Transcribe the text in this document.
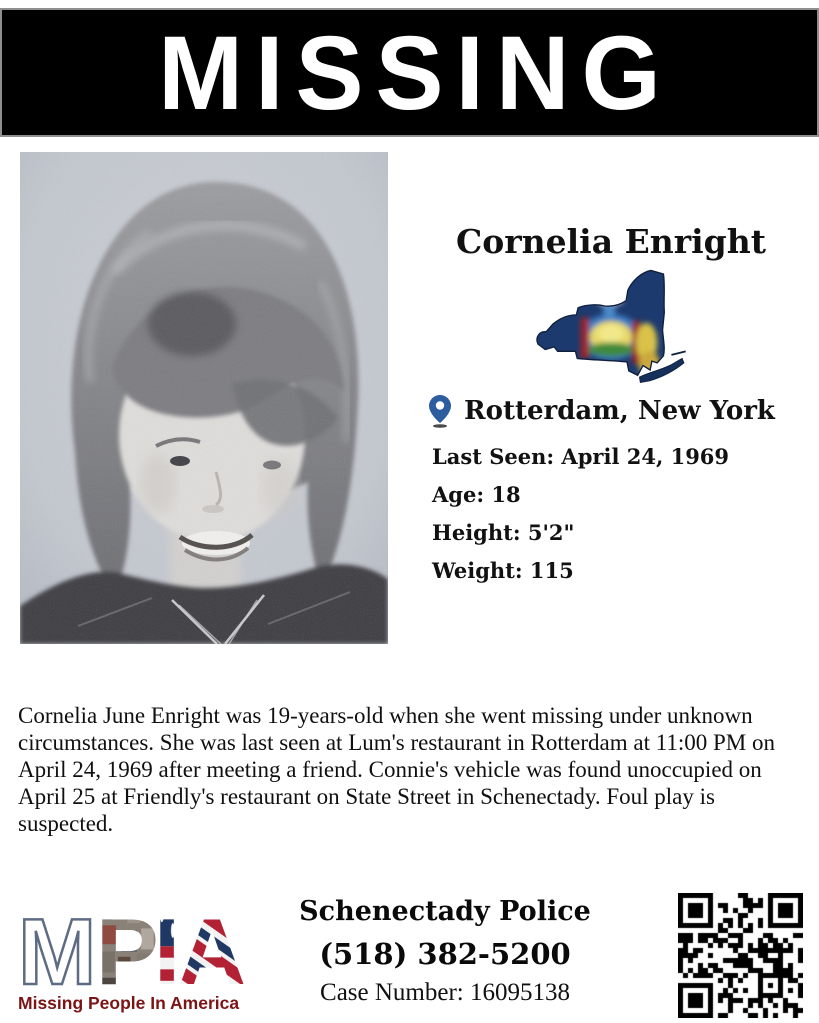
MISSING
Cornelia Enright
Rotterdam, New York
Last Seen: April 24, 1969
Age: 18
Height: 5'2"
Weight: 115

Cornelia June Enright was 19-years-old when she went missing under unknown circumstances. She was last seen at Lum's restaurant in Rotterdam at 11:00 PM on April 24, 1969 after meeting a friend. Connie's vehicle was found unoccupied on April 25 at Friendly's restaurant on State Street in Schenectady. Foul play is suspected.

M P
I
A
Missing People In America
Schenectady Police
(518) 382-5200
Case Number: 16095138
